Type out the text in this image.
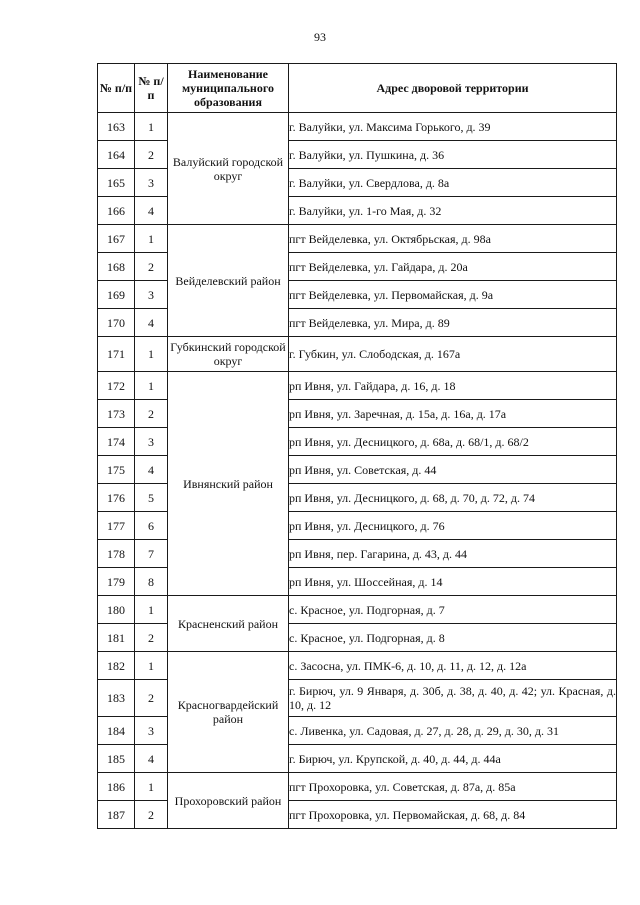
93
№ п/п	№ п/п	Наименование муниципального образования	Адрес дворовой территории
163	1	Валуйский городской округ	г. Валуйки, ул. Максима Горького, д. 39
164	2		г. Валуйки, ул. Пушкина, д. 36
165	3		г. Валуйки, ул. Свердлова, д. 8а
166	4		г. Валуйки, ул. 1-го Мая, д. 32
167	1	Вейделевский район	пгт Вейделевка, ул. Октябрьская, д. 98а
168	2		пгт Вейделевка, ул. Гайдара, д. 20а
169	3		пгт Вейделевка, ул. Первомайская, д. 9а
170	4		пгт Вейделевка, ул. Мира, д. 89
171	1	Губкинский городской округ	г. Губкин, ул. Слободская, д. 167а
172	1	Ивнянский район	рп Ивня, ул. Гайдара, д. 16, д. 18
173	2		рп Ивня, ул. Заречная, д. 15а, д. 16а, д. 17а
174	3		рп Ивня, ул. Десницкого, д. 68а, д. 68/1, д. 68/2
175	4		рп Ивня, ул. Советская, д. 44
176	5		рп Ивня, ул. Десницкого, д. 68, д. 70, д. 72, д. 74
177	6		рп Ивня, ул. Десницкого, д. 76
178	7		рп Ивня, пер. Гагарина, д. 43, д. 44
179	8		рп Ивня, ул. Шоссейная, д. 14
180	1	Красненский район	с. Красное, ул. Подгорная, д. 7
181	2		с. Красное, ул. Подгорная, д. 8
182	1	Красногвардейский район	с. Засосна, ул. ПМК-6, д. 10, д. 11, д. 12, д. 12а
183	2		г. Бирюч, ул. 9 Января, д. 30б, д. 38, д. 40, д. 42; ул. Красная, д. 10, д. 12
184	3		с. Ливенка, ул. Садовая, д. 27, д. 28, д. 29, д. 30, д. 31
185	4		г. Бирюч, ул. Крупской, д. 40, д. 44, д. 44а
186	1	Прохоровский район	пгт Прохоровка, ул. Советская, д. 87а, д. 85а
187	2		пгт Прохоровка, ул. Первомайская, д. 68, д. 84
